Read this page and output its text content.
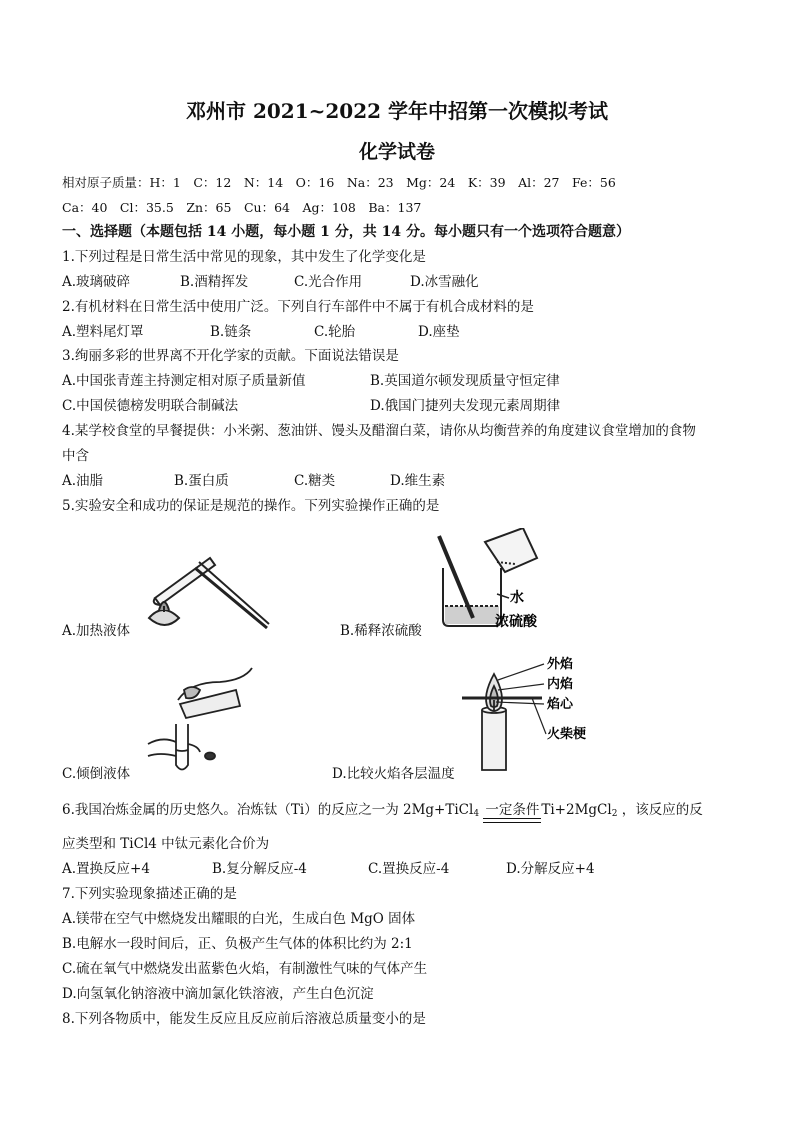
邓州市 2021~2022 学年中招第一次模拟考试
化学试卷
相对原子质量：H：1　C：12　N：14　O：16　Na：23　Mg：24　K：39　Al：27　Fe：56
Ca：40　Cl：35.5　Zn：65　Cu：64　Ag：108　Ba：137
一、选择题（本题包括 14 小题，每小题 1 分，共 14 分。每小题只有一个选项符合题意）
1.下列过程是日常生活中常见的现象，其中发生了化学变化是
A.玻璃破碎	B.酒精挥发	C.光合作用	D.冰雪融化
2.有机材料在日常生活中使用广泛。下列自行车部件中不属于有机合成材料的是
A.塑料尾灯罩	B.链条	C.轮胎	D.座垫
3.绚丽多彩的世界离不开化学家的贡献。下面说法错误是
A.中国张青莲主持测定相对原子质量新值	B.英国道尔顿发现质量守恒定律
C.中国侯德榜发明联合制碱法	D.俄国门捷列夫发现元素周期律
4.某学校食堂的早餐提供：小米粥、葱油饼、馒头及醋溜白菜，请你从均衡营养的角度建议食堂增加的食物
中含
A.油脂	B.蛋白质	C.糖类	D.维生素
5.实验安全和成功的保证是规范的操作。下列实验操作正确的是
A.加热液体
水
浓硫酸
B.稀释浓硫酸
C.倾倒液体
外焰
内焰
焰心
火柴梗
D.比较火焰各层温度
6.我国冶炼金属的历史悠久。冶炼钛（Ti）的反应之一为 2Mg+TiCl$_4$ 一定条件 Ti+2MgCl$_2$ ，该反应的反
应类型和 TiCl4 中钛元素化合价为
A.置换反应+4	B.复分解反应-4	C.置换反应-4	D.分解反应+4
7.下列实验现象描述正确的是
A.镁带在空气中燃烧发出耀眼的白光，生成白色 MgO 固体
B.电解水一段时间后，正、负极产生气体的体积比约为 2:1
C.硫在氧气中燃烧发出蓝紫色火焰，有制激性气味的气体产生
D.向氢氧化钠溶液中滴加氯化铁溶液，产生白色沉淀
8.下列各物质中，能发生反应且反应前后溶液总质量变小的是
